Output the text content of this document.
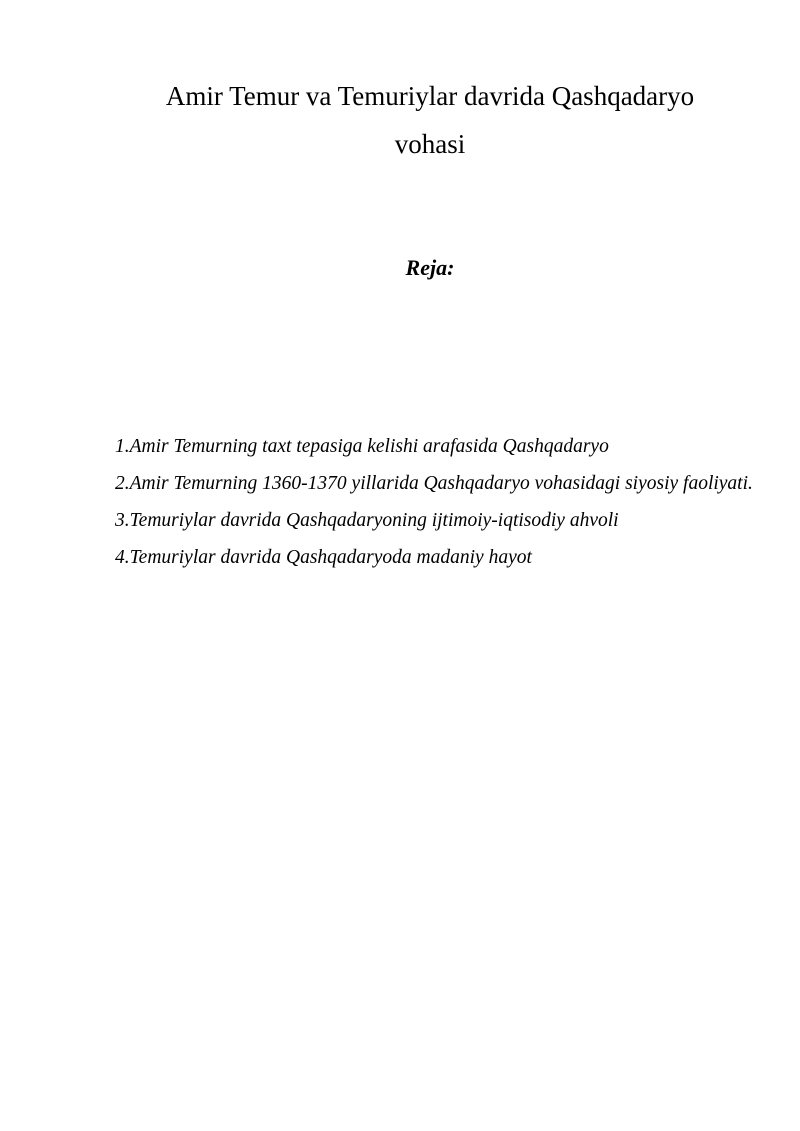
Amir Temur va Temuriylar davrida Qashqadaryo
vohasi
Reja:
1.Amir Temurning taxt tepasiga kelishi arafasida Qashqadaryo
2.Amir Temurning 1360-1370 yillarida Qashqadaryo vohasidagi siyosiy faoliyati.
3.Temuriylar davrida Qashqadaryoning ijtimoiy-iqtisodiy ahvoli
4.Temuriylar davrida Qashqadaryoda madaniy hayot
